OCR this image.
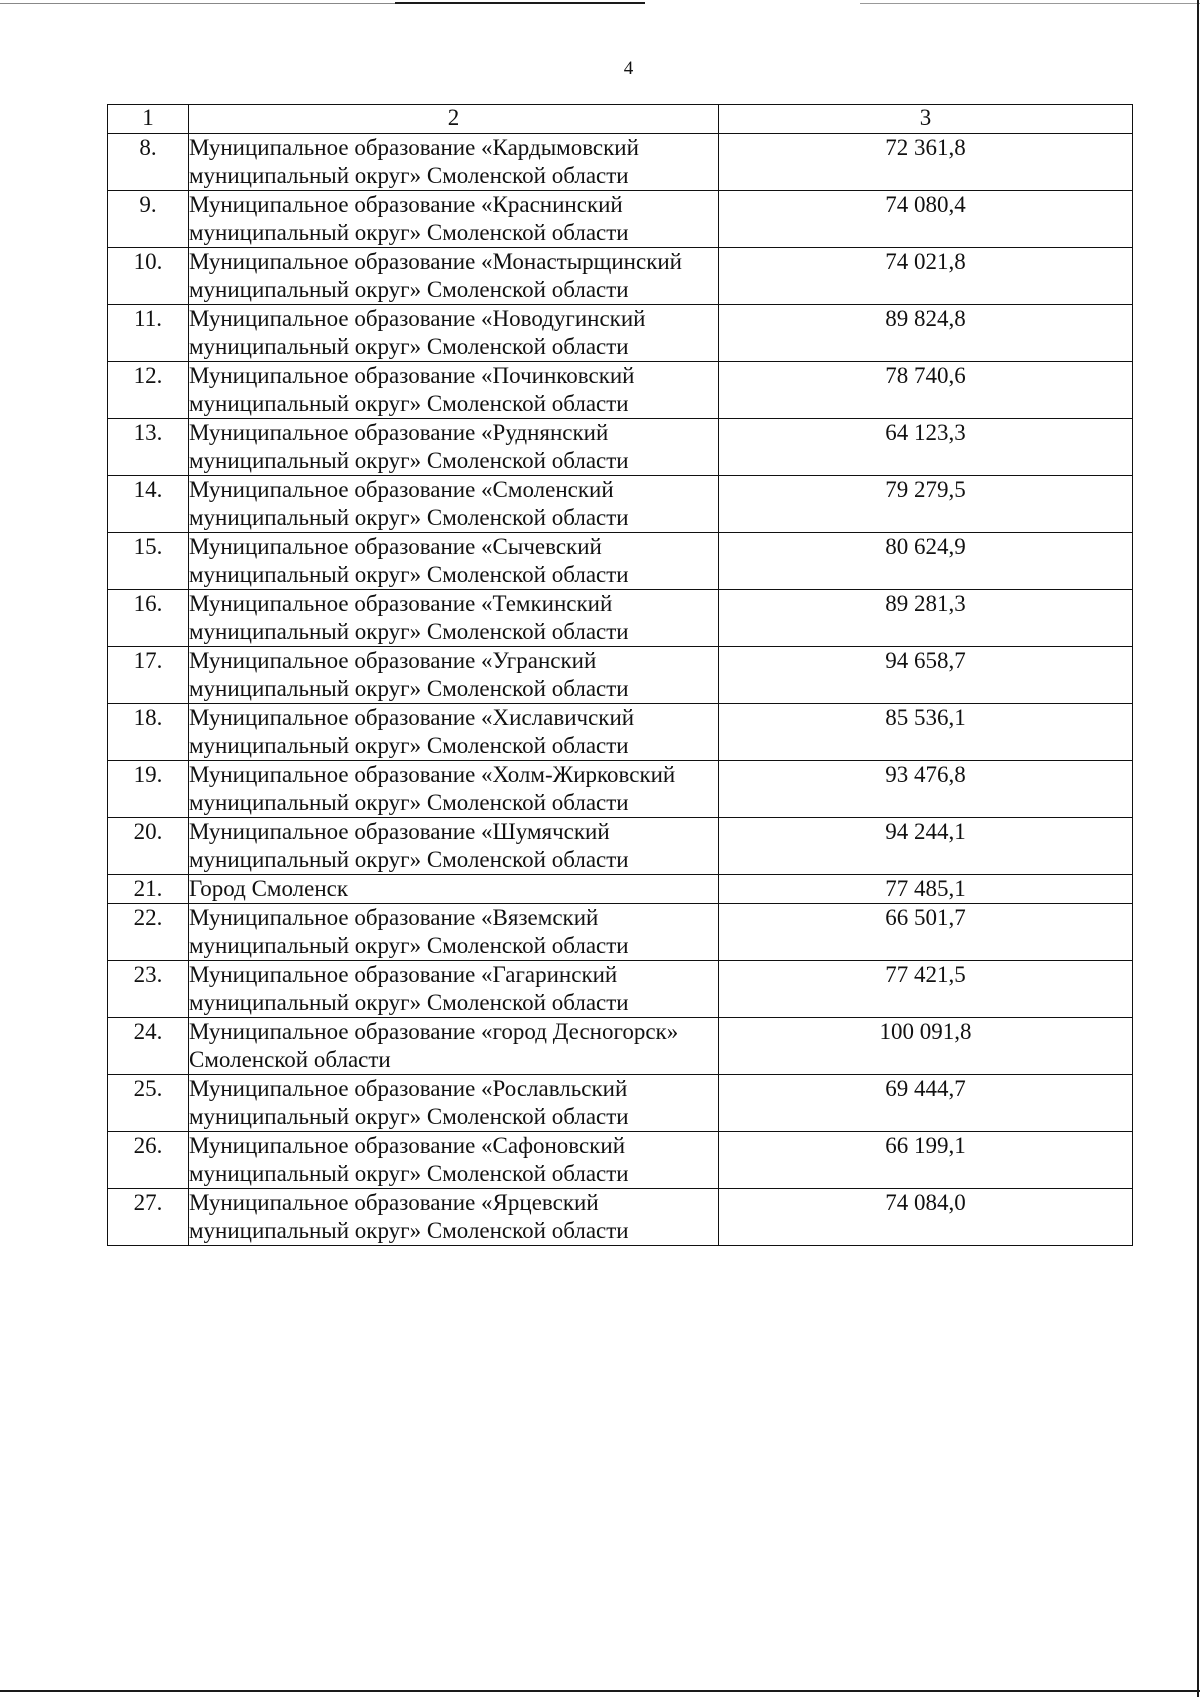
4
1	2	3
8.	Муниципальное образование «Кардымовский муниципальный округ» Смоленской области	72 361,8
9.	Муниципальное образование «Краснинский муниципальный округ» Смоленской области	74 080,4
10.	Муниципальное образование «Монастырщинский муниципальный округ» Смоленской области	74 021,8
11.	Муниципальное образование «Новодугинский муниципальный округ» Смоленской области	89 824,8
12.	Муниципальное образование «Починковский муниципальный округ» Смоленской области	78 740,6
13.	Муниципальное образование «Руднянский муниципальный округ» Смоленской области	64 123,3
14.	Муниципальное образование «Смоленский муниципальный округ» Смоленской области	79 279,5
15.	Муниципальное образование «Сычевский муниципальный округ» Смоленской области	80 624,9
16.	Муниципальное образование «Темкинский муниципальный округ» Смоленской области	89 281,3
17.	Муниципальное образование «Угранский муниципальный округ» Смоленской области	94 658,7
18.	Муниципальное образование «Хиславичский муниципальный округ» Смоленской области	85 536,1
19.	Муниципальное образование «Холм-Жирковский муниципальный округ» Смоленской области	93 476,8
20.	Муниципальное образование «Шумячский муниципальный округ» Смоленской области	94 244,1
21.	Город Смоленск	77 485,1
22.	Муниципальное образование «Вяземский муниципальный округ» Смоленской области	66 501,7
23.	Муниципальное образование «Гагаринский муниципальный округ» Смоленской области	77 421,5
24.	Муниципальное образование «город Десногорск» Смоленской области	100 091,8
25.	Муниципальное образование «Рославльский муниципальный округ» Смоленской области	69 444,7
26.	Муниципальное образование «Сафоновский муниципальный округ» Смоленской области	66 199,1
27.	Муниципальное образование «Ярцевский муниципальный округ» Смоленской области	74 084,0
